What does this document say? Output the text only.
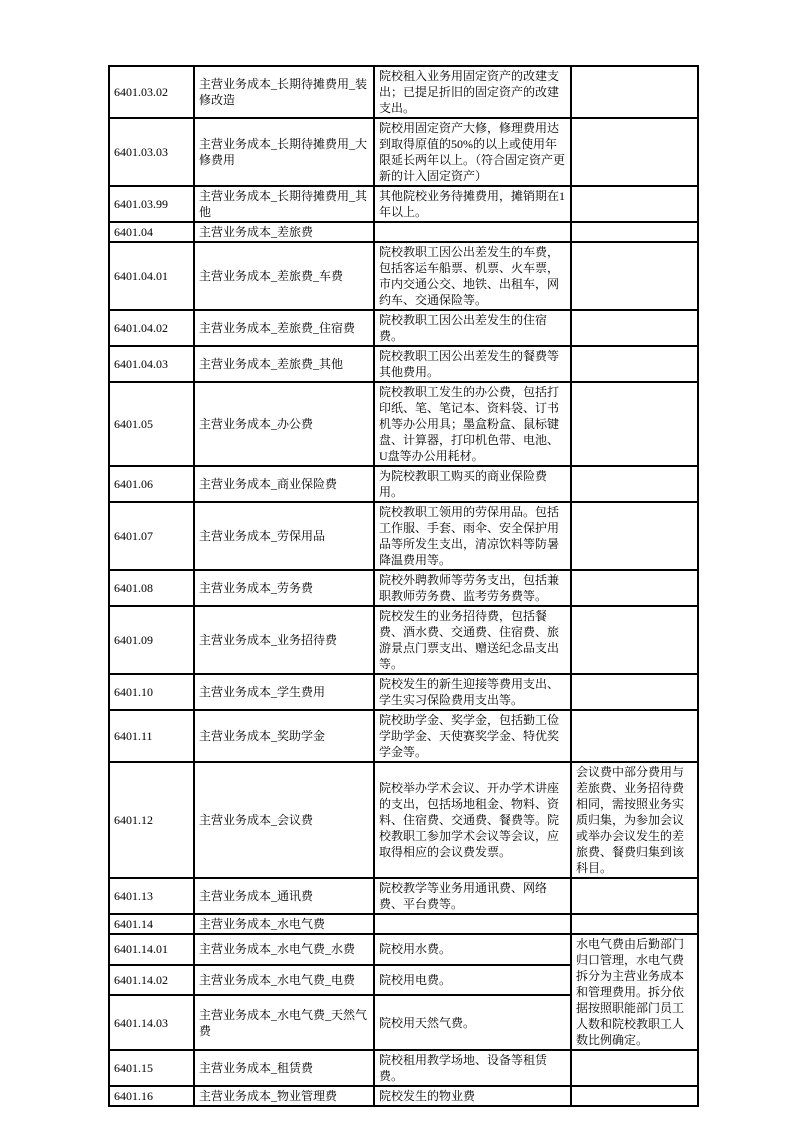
6401.03.02	主营业务成本_长期待摊费用_装修改造	院校租入业务用固定资产的改建支出；已提足折旧的固定资产的改建支出。	
6401.03.03	主营业务成本_长期待摊费用_大修费用	院校用固定资产大修，修理费用达到取得原值的50%的以上或使用年限延长两年以上。（符合固定资产更新的计入固定资产）	
6401.03.99	主营业务成本_长期待摊费用_其他	其他院校业务待摊费用，摊销期在1年以上。	
6401.04	主营业务成本_差旅费		
6401.04.01	主营业务成本_差旅费_车费	院校教职工因公出差发生的车费，包括客运车船票、机票、火车票，市内交通公交、地铁、出租车，网约车、交通保险等。	
6401.04.02	主营业务成本_差旅费_住宿费	院校教职工因公出差发生的住宿费。	
6401.04.03	主营业务成本_差旅费_其他	院校教职工因公出差发生的餐费等其他费用。	
6401.05	主营业务成本_办公费	院校教职工发生的办公费，包括打印纸、笔、笔记本、资料袋、订书机等办公用具；墨盒粉盒、鼠标键盘、计算器，打印机色带、电池、U盘等办公用耗材。	
6401.06	主营业务成本_商业保险费	为院校教职工购买的商业保险费用。	
6401.07	主营业务成本_劳保用品	院校教职工领用的劳保用品。包括工作服、手套、雨伞、安全保护用品等所发生支出，清凉饮料等防暑降温费用等。	
6401.08	主营业务成本_劳务费	院校外聘教师等劳务支出，包括兼职教师劳务费、监考劳务费等。	
6401.09	主营业务成本_业务招待费	院校发生的业务招待费，包括餐费、酒水费、交通费、住宿费、旅游景点门票支出、赠送纪念品支出等。	
6401.10	主营业务成本_学生费用	院校发生的新生迎接等费用支出、学生实习保险费用支出等。	
6401.11	主营业务成本_奖助学金	院校助学金、奖学金，包括勤工俭学助学金、天使赛奖学金、特优奖学金等。	
6401.12	主营业务成本_会议费	院校举办学术会议、开办学术讲座的支出，包括场地租金、物料、资料、住宿费、交通费、餐费等。院校教职工参加学术会议等会议，应取得相应的会议费发票。	会议费中部分费用与差旅费、业务招待费相同，需按照业务实质归集，为参加会议或举办会议发生的差旅费、餐费归集到该科目。
6401.13	主营业务成本_通讯费	院校教学等业务用通讯费、网络费、平台费等。	
6401.14	主营业务成本_水电气费		
6401.14.01	主营业务成本_水电气费_水费	院校用水费。	水电气费由后勤部门归口管理，水电气费拆分为主营业务成本和管理费用。拆分依据按照职能部门员工人数和院校教职工人数比例确定。
6401.14.02	主营业务成本_水电气费_电费	院校用电费。	
6401.14.03	主营业务成本_水电气费_天然气费	院校用天然气费。	
6401.15	主营业务成本_租赁费	院校租用教学场地、设备等租赁费。	
6401.16	主营业务成本_物业管理费	院校发生的物业费	
